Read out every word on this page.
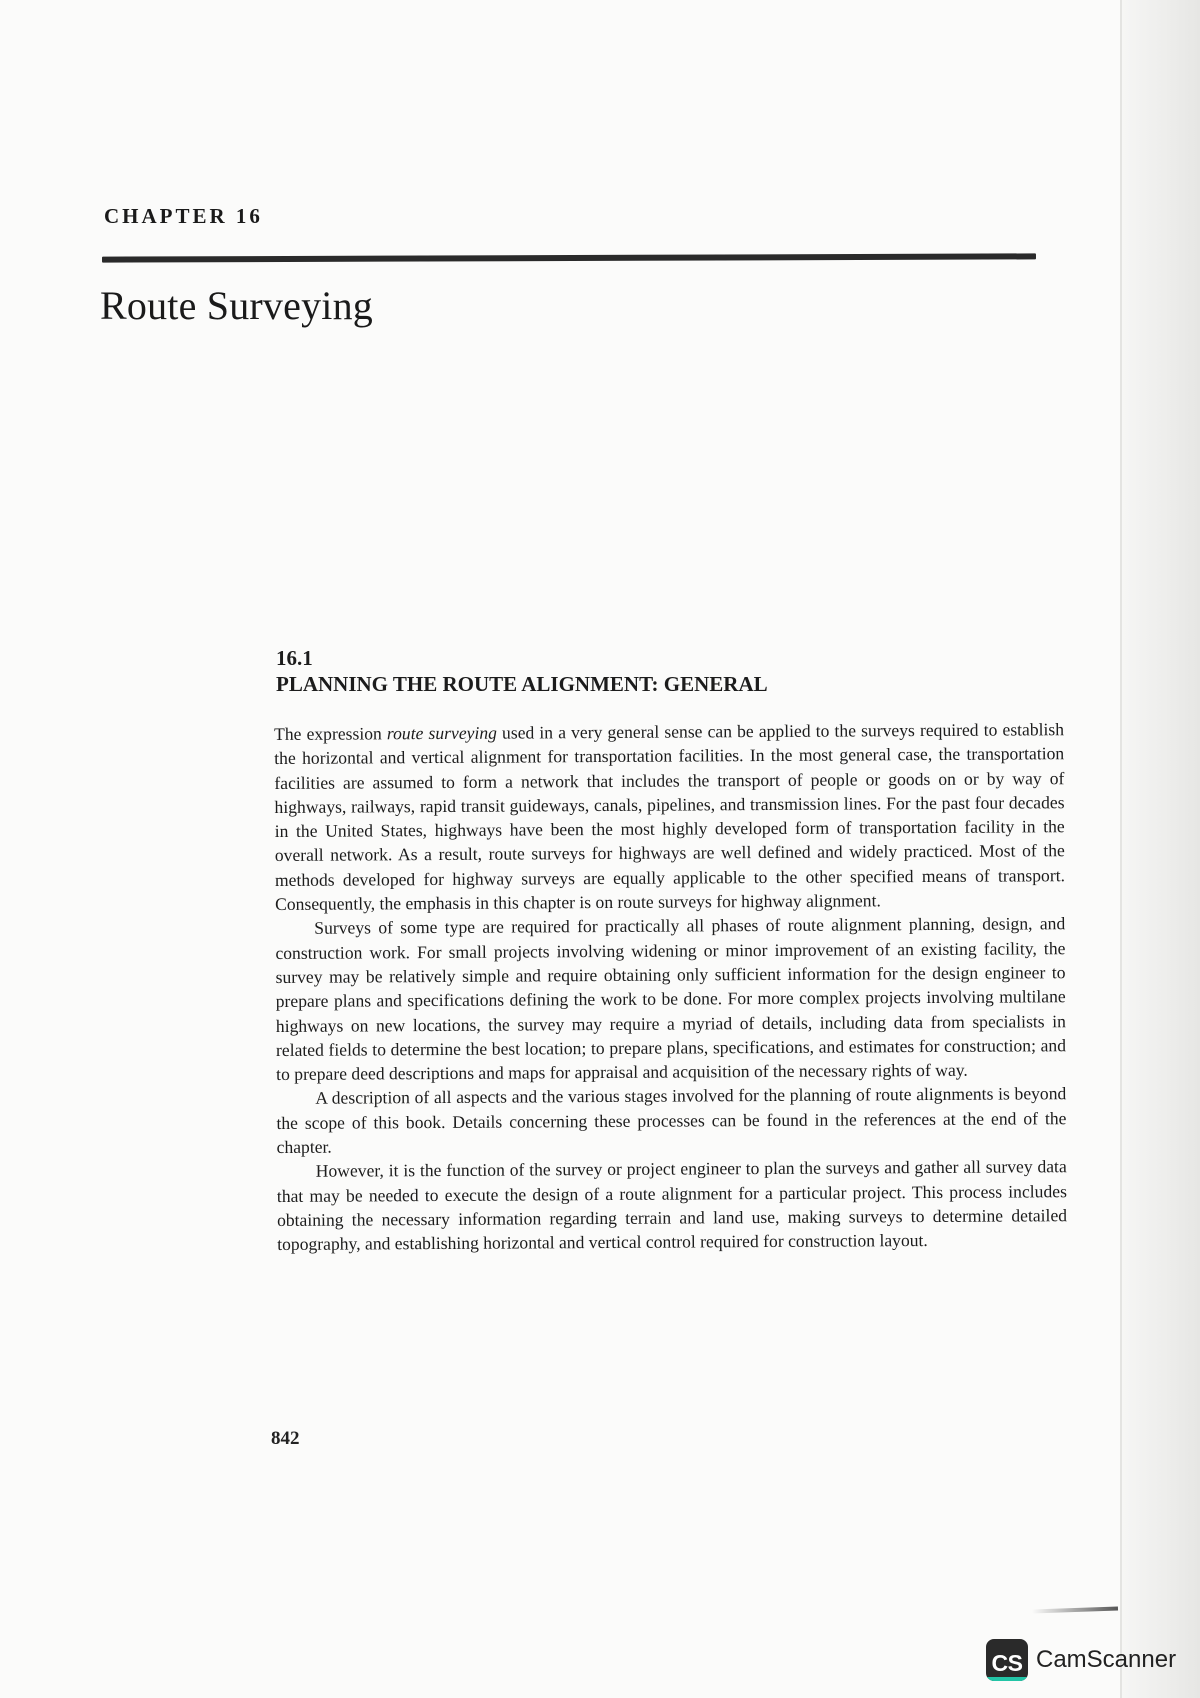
CHAPTER 16
Route Surveying
16.1
PLANNING THE ROUTE ALIGNMENT: GENERAL

The expression route surveying used in a very general sense can be applied to the surveys required to establish the horizontal and vertical alignment for transportation facilities. In the most general case, the transportation facilities are assumed to form a network that includes the transport of people or goods on or by way of highways, railways, rapid transit guideways, canals, pipelines, and transmission lines. For the past four decades in the United States, highways have been the most highly developed form of transportation facility in the overall network. As a result, route surveys for highways are well defined and widely practiced. Most of the methods developed for highway surveys are equally applicable to the other specified means of transport. Consequently, the emphasis in this chapter is on route surveys for highway alignment.

Surveys of some type are required for practically all phases of route alignment planning, design, and construction work. For small projects involving widening or minor improvement of an existing facility, the survey may be relatively simple and require obtaining only sufficient information for the design engineer to prepare plans and specifications defining the work to be done. For more complex projects involving multilane highways on new locations, the survey may require a myriad of details, including data from specialists in related fields to determine the best location; to prepare plans, specifications, and estimates for construction; and to prepare deed descriptions and maps for appraisal and acquisition of the necessary rights of way.

A description of all aspects and the various stages involved for the planning of route alignments is beyond the scope of this book. Details concerning these processes can be found in the references at the end of the chapter.

However, it is the function of the survey or project engineer to plan the surveys and gather all survey data that may be needed to execute the design of a route alignment for a particular project. This process includes obtaining the necessary information regarding terrain and land use, making surveys to determine detailed topography, and establishing horizontal and vertical control required for construction layout.

842
CS CamScanner
